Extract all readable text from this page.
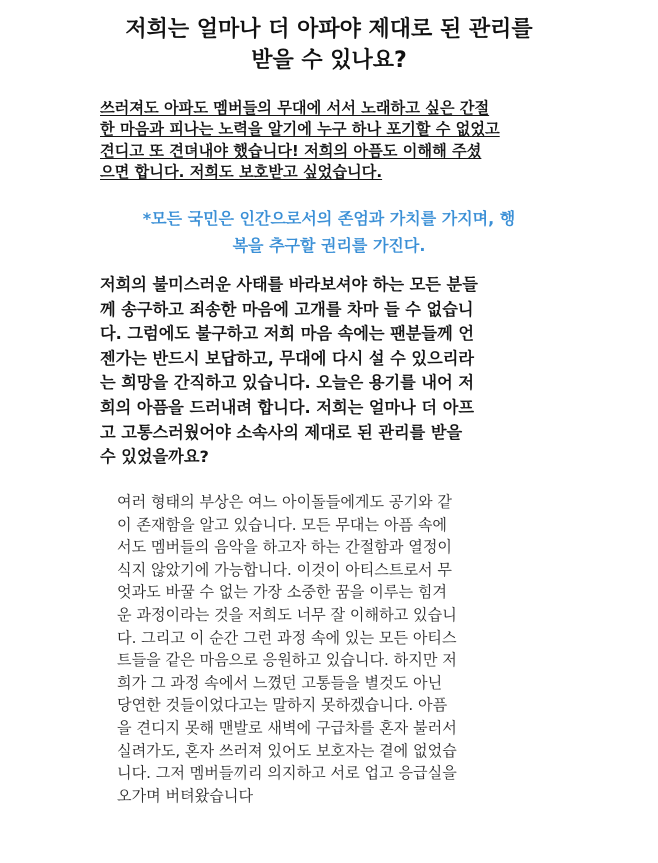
저희는 얼마나 더 아파야 제대로 된 관리를
받을 수 있나요?

쓰러져도 아파도 멤버들의 무대에 서서 노래하고 싶은 간절
한 마음과 피나는 노력을 알기에 누구 하나 포기할 수 없었고
견디고 또 견뎌내야 했습니다! 저희의 아픔도 이해해 주셨
으면 합니다. 저희도 보호받고 싶었습니다.

*모든 국민은 인간으로서의 존엄과 가치를 가지며, 행
복을 추구할 권리를 가진다.

저희의 불미스러운 사태를 바라보셔야 하는 모든 분들
께 송구하고 죄송한 마음에 고개를 차마 들 수 없습니
다. 그럼에도 불구하고 저희 마음 속에는 팬분들께 언
젠가는 반드시 보답하고, 무대에 다시 설 수 있으리라
는 희망을 간직하고 있습니다. 오늘은 용기를 내어 저
희의 아픔을 드러내려 합니다. 저희는 얼마나 더 아프
고 고통스러웠어야 소속사의 제대로 된 관리를 받을
수 있었을까요?

여러 형태의 부상은 여느 아이돌들에게도 공기와 같
이 존재함을 알고 있습니다. 모든 무대는 아픔 속에
서도 멤버들의 음악을 하고자 하는 간절함과 열정이
식지 않았기에 가능합니다. 이것이 아티스트로서 무
엇과도 바꿀 수 없는 가장 소중한 꿈을 이루는 힘겨
운 과정이라는 것을 저희도 너무 잘 이해하고 있습니
다. 그리고 이 순간 그런 과정 속에 있는 모든 아티스
트들을 같은 마음으로 응원하고 있습니다. 하지만 저
희가 그 과정 속에서 느꼈던 고통들을 별것도 아닌
당연한 것들이었다고는 말하지 못하겠습니다. 아픔
을 견디지 못해 맨발로 새벽에 구급차를 혼자 불러서
실려가도, 혼자 쓰러져 있어도 보호자는 곁에 없었습
니다. 그저 멤버들끼리 의지하고 서로 업고 응급실을
오가며 버텨왔습니다
